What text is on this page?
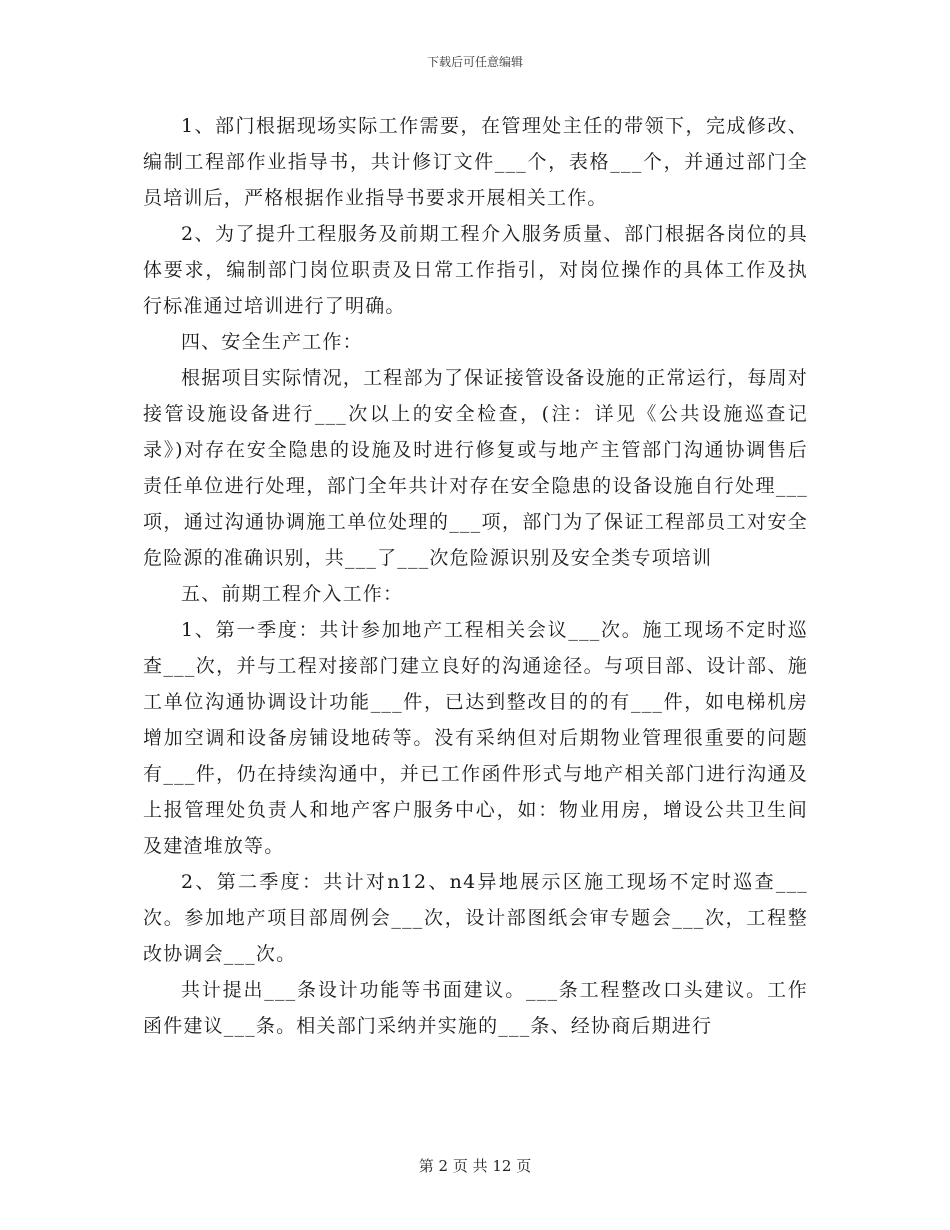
下载后可任意编辑

1、部门根据现场实际工作需要，在管理处主任的带领下，完成修改、编制工程部作业指导书，共计修订文件___个，表格___个，并通过部门全员培训后，严格根据作业指导书要求开展相关工作。

2、为了提升工程服务及前期工程介入服务质量、部门根据各岗位的具体要求，编制部门岗位职责及日常工作指引，对岗位操作的具体工作及执行标准通过培训进行了明确。

四、安全生产工作：

根据项目实际情况，工程部为了保证接管设备设施的正常运行，每周对接管设施设备进行___次以上的安全检查，(注：详见《公共设施巡查记录》)对存在安全隐患的设施及时进行修复或与地产主管部门沟通协调售后责任单位进行处理，部门全年共计对存在安全隐患的设备设施自行处理___项，通过沟通协调施工单位处理的___项，部门为了保证工程部员工对安全危险源的准确识别，共___了___次危险源识别及安全类专项培训

五、前期工程介入工作：

1、第一季度：共计参加地产工程相关会议___次。施工现场不定时巡查___次，并与工程对接部门建立良好的沟通途径。与项目部、设计部、施工单位沟通协调设计功能___件，已达到整改目的的有___件，如电梯机房增加空调和设备房铺设地砖等。没有采纳但对后期物业管理很重要的问题有___件，仍在持续沟通中，并已工作函件形式与地产相关部门进行沟通及上报管理处负责人和地产客户服务中心，如：物业用房，增设公共卫生间及建渣堆放等。

2、第二季度：共计对n12、n4异地展示区施工现场不定时巡查___次。参加地产项目部周例会___次，设计部图纸会审专题会___次，工程整改协调会___次。

共计提出___条设计功能等书面建议。___条工程整改口头建议。工作函件建议___条。相关部门采纳并实施的___条、经协商后期进行

第 2 页 共 12 页
